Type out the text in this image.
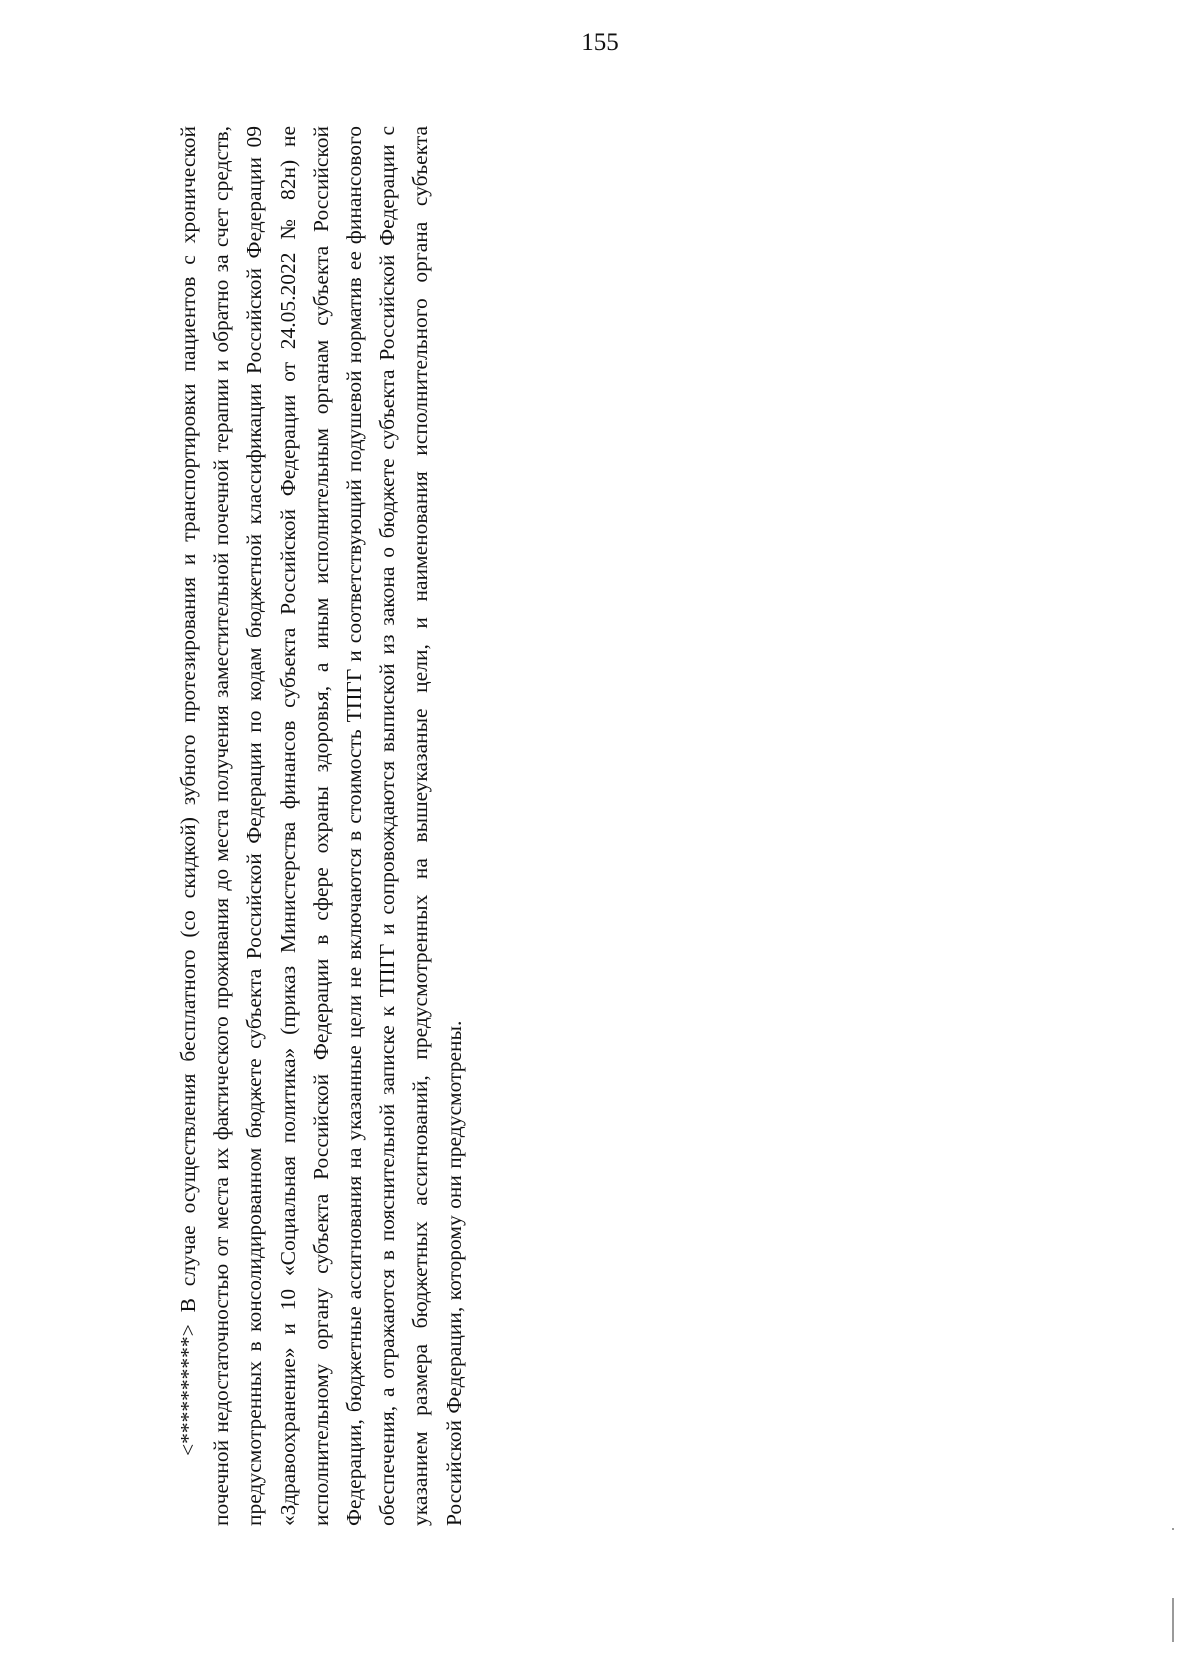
155

<**********> В случае осуществления бесплатного (со скидкой) зубного протезирования и транспортировки пациентов с хронической почечной недостаточностью от места их фактического проживания до места получения заместительной почечной терапии и обратно за счет средств, предусмотренных в консолидированном бюджете субъекта Российской Федерации по кодам бюджетной классификации Российской Федерации 09 «Здравоохранение» и 10 «Социальная политика» (приказ Министерства финансов субъекта Российской Федерации от 24.05.2022 № 82н) не исполнительному органу субъекта Российской Федерации в сфере охраны здоровья, а иным исполнительным органам субъекта Российской Федерации, бюджетные ассигнования на указанные цели не включаются в стоимость ТПГГ и соответствующий подушевой норматив ее финансового обеспечения, а отражаются в пояснительной записке к ТПГГ и сопровождаются выпиской из закона о бюджете субъекта Российской Федерации с указанием размера бюджетных ассигнований, предусмотренных на вышеуказаные цели, и наименования исполнительного органа субъекта Российской Федерации, которому они предусмотрены.
